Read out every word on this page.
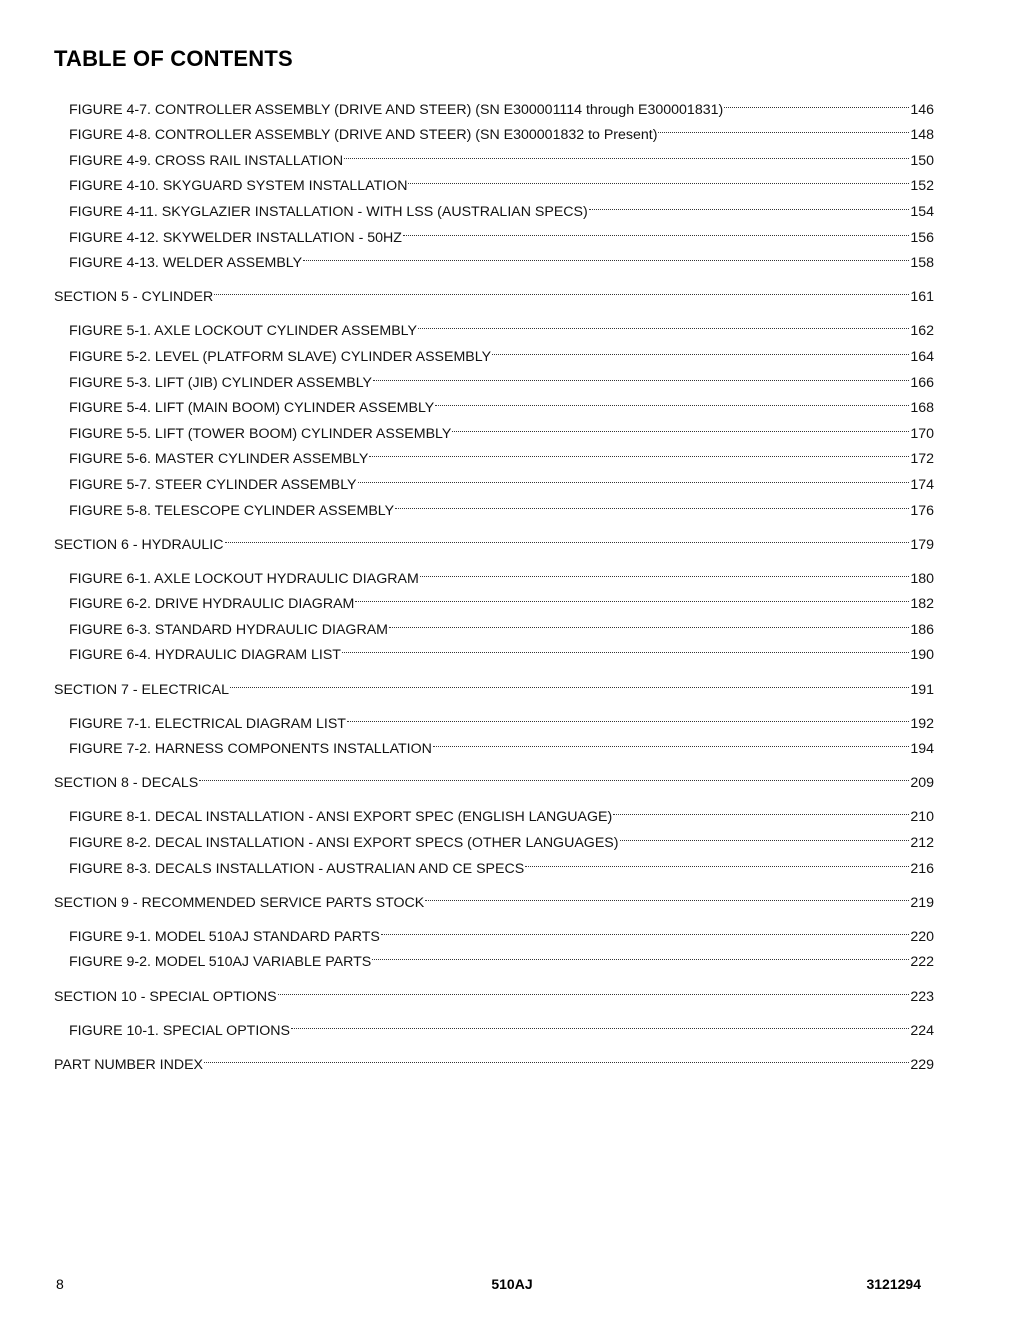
TABLE OF CONTENTS
FIGURE 4-7. CONTROLLER ASSEMBLY (DRIVE AND STEER) (SN E300001114 through E300001831)	146
FIGURE 4-8. CONTROLLER ASSEMBLY (DRIVE AND STEER) (SN E300001832 to Present)	148
FIGURE 4-9. CROSS RAIL INSTALLATION	150
FIGURE 4-10. SKYGUARD SYSTEM INSTALLATION	152
FIGURE 4-11. SKYGLAZIER INSTALLATION - WITH LSS (AUSTRALIAN SPECS)	154
FIGURE 4-12. SKYWELDER INSTALLATION - 50HZ	156
FIGURE 4-13. WELDER ASSEMBLY	158
SECTION 5 - CYLINDER	161
FIGURE 5-1. AXLE LOCKOUT CYLINDER ASSEMBLY	162
FIGURE 5-2. LEVEL (PLATFORM SLAVE) CYLINDER ASSEMBLY	164
FIGURE 5-3. LIFT (JIB) CYLINDER ASSEMBLY	166
FIGURE 5-4. LIFT (MAIN BOOM) CYLINDER ASSEMBLY	168
FIGURE 5-5. LIFT (TOWER BOOM) CYLINDER ASSEMBLY	170
FIGURE 5-6. MASTER CYLINDER ASSEMBLY	172
FIGURE 5-7. STEER CYLINDER ASSEMBLY	174
FIGURE 5-8. TELESCOPE CYLINDER ASSEMBLY	176
SECTION 6 - HYDRAULIC	179
FIGURE 6-1. AXLE LOCKOUT HYDRAULIC DIAGRAM	180
FIGURE 6-2. DRIVE HYDRAULIC DIAGRAM	182
FIGURE 6-3. STANDARD HYDRAULIC DIAGRAM	186
FIGURE 6-4. HYDRAULIC DIAGRAM LIST	190
SECTION 7 - ELECTRICAL	191
FIGURE 7-1. ELECTRICAL DIAGRAM LIST	192
FIGURE 7-2. HARNESS COMPONENTS INSTALLATION	194
SECTION 8 - DECALS	209
FIGURE 8-1. DECAL INSTALLATION - ANSI EXPORT SPEC (ENGLISH LANGUAGE)	210
FIGURE 8-2. DECAL INSTALLATION - ANSI EXPORT SPECS (OTHER LANGUAGES)	212
FIGURE 8-3. DECALS INSTALLATION - AUSTRALIAN AND CE SPECS	216
SECTION 9 - RECOMMENDED SERVICE PARTS STOCK	219
FIGURE 9-1. MODEL 510AJ STANDARD PARTS	220
FIGURE 9-2. MODEL 510AJ VARIABLE PARTS	222
SECTION 10 - SPECIAL OPTIONS	223
FIGURE 10-1. SPECIAL OPTIONS	224
PART NUMBER INDEX	229
8	510AJ	3121294
